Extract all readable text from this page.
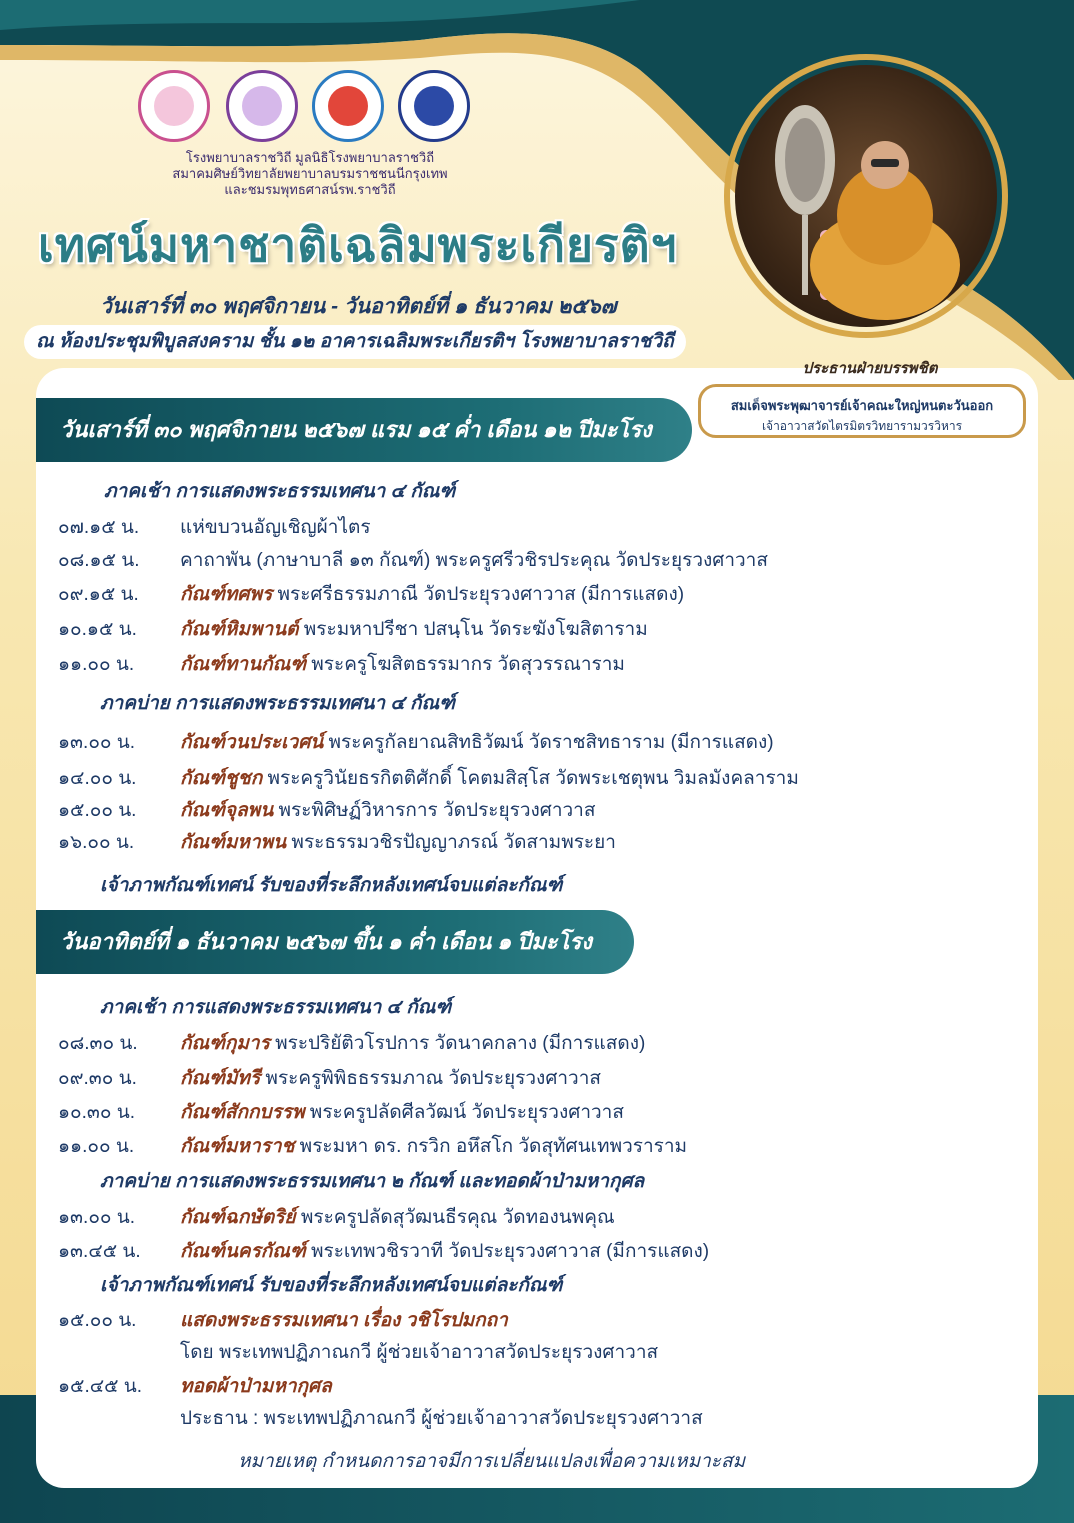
โรงพยาบาลราชวิถี มูลนิธิโรงพยาบาลราชวิถี
สมาคมศิษย์วิทยาลัยพยาบาลบรมราชชนนีกรุงเทพ
และชมรมพุทธศาสน์รพ.ราชวิถี
เทศน์มหาชาติเฉลิมพระเกียรติฯ
วันเสาร์ที่ ๓๐ พฤศจิกายน - วันอาทิตย์ที่ ๑ ธันวาคม ๒๕๖๗
ณ ห้องประชุมพิบูลสงคราม ชั้น ๑๒ อาคารเฉลิมพระเกียรติฯ โรงพยาบาลราชวิถี
ประธานฝ่ายบรรพชิต
สมเด็จพระพุฒาจารย์เจ้าคณะใหญ่หนตะวันออก
เจ้าอาวาสวัดไตรมิตรวิทยารามวรวิหาร
วันเสาร์ที่ ๓๐ พฤศจิกายน ๒๕๖๗ แรม ๑๕ ค่ำ เดือน ๑๒ ปีมะโรง
ภาคเช้า การแสดงพระธรรมเทศนา ๔ กัณฑ์
๐๗.๑๕ น.	แห่ขบวนอัญเชิญผ้าไตร
๐๘.๑๕ น.	คาถาพัน (ภาษาบาลี ๑๓ กัณฑ์) พระครูศรีวชิรประคุณ วัดประยุรวงศาวาส
๐๙.๑๕ น.	กัณฑ์ทศพร พระศรีธรรมภาณี วัดประยุรวงศาวาส (มีการแสดง)
๑๐.๑๕ น.	กัณฑ์หิมพานต์ พระมหาปรีชา ปสนฺโน วัดระฆังโฆสิตาราม
๑๑.๐๐ น.	กัณฑ์ทานกัณฑ์ พระครูโฆสิตธรรมากร วัดสุวรรณาราม
ภาคบ่าย การแสดงพระธรรมเทศนา ๔ กัณฑ์
๑๓.๐๐ น.	กัณฑ์วนประเวศน์ พระครูกัลยาณสิทธิวัฒน์ วัดราชสิทธาราม (มีการแสดง)
๑๔.๐๐ น.	กัณฑ์ชูชก พระครูวินัยธรกิตติศักดิ์ โคตมสิสฺโส วัดพระเชตุพน วิมลมังคลาราม
๑๕.๐๐ น.	กัณฑ์จุลพน พระพิศิษฏ์วิหารการ วัดประยุรวงศาวาส
๑๖.๐๐ น.	กัณฑ์มหาพน พระธรรมวชิรปัญญาภรณ์ วัดสามพระยา
เจ้าภาพกัณฑ์เทศน์ รับของที่ระลึกหลังเทศน์จบแต่ละกัณฑ์
วันอาทิตย์ที่ ๑ ธันวาคม ๒๕๖๗ ขึ้น ๑ ค่ำ เดือน ๑ ปีมะโรง
ภาคเช้า การแสดงพระธรรมเทศนา ๔ กัณฑ์
๐๘.๓๐ น.	กัณฑ์กุมาร พระปริยัติวโรปการ วัดนาคกลาง (มีการแสดง)
๐๙.๓๐ น.	กัณฑ์มัทรี พระครูพิพิธธรรมภาณ วัดประยุรวงศาวาส
๑๐.๓๐ น.	กัณฑ์สักกบรรพ พระครูปลัดศีลวัฒน์ วัดประยุรวงศาวาส
๑๑.๐๐ น.	กัณฑ์มหาราช พระมหา ดร. กรวิก อหึสโก วัดสุทัศนเทพวราราม
ภาคบ่าย การแสดงพระธรรมเทศนา ๒ กัณฑ์ และทอดผ้าป่ามหากุศล
๑๓.๐๐ น.	กัณฑ์ฉกษัตริย์ พระครูปลัดสุวัฒนธีรคุณ วัดทองนพคุณ
๑๓.๔๕ น.	กัณฑ์นครกัณฑ์ พระเทพวชิรวาที วัดประยุรวงศาวาส (มีการแสดง)
เจ้าภาพกัณฑ์เทศน์ รับของที่ระลึกหลังเทศน์จบแต่ละกัณฑ์
๑๕.๐๐ น.	แสดงพระธรรมเทศนา เรื่อง วชิโรปมกถา
โดย พระเทพปฏิภาณกวี ผู้ช่วยเจ้าอาวาสวัดประยุรวงศาวาส
๑๕.๔๕ น.	ทอดผ้าป่ามหากุศล
ประธาน : พระเทพปฏิภาณกวี ผู้ช่วยเจ้าอาวาสวัดประยุรวงศาวาส
หมายเหตุ กำหนดการอาจมีการเปลี่ยนแปลงเพื่อความเหมาะสม
